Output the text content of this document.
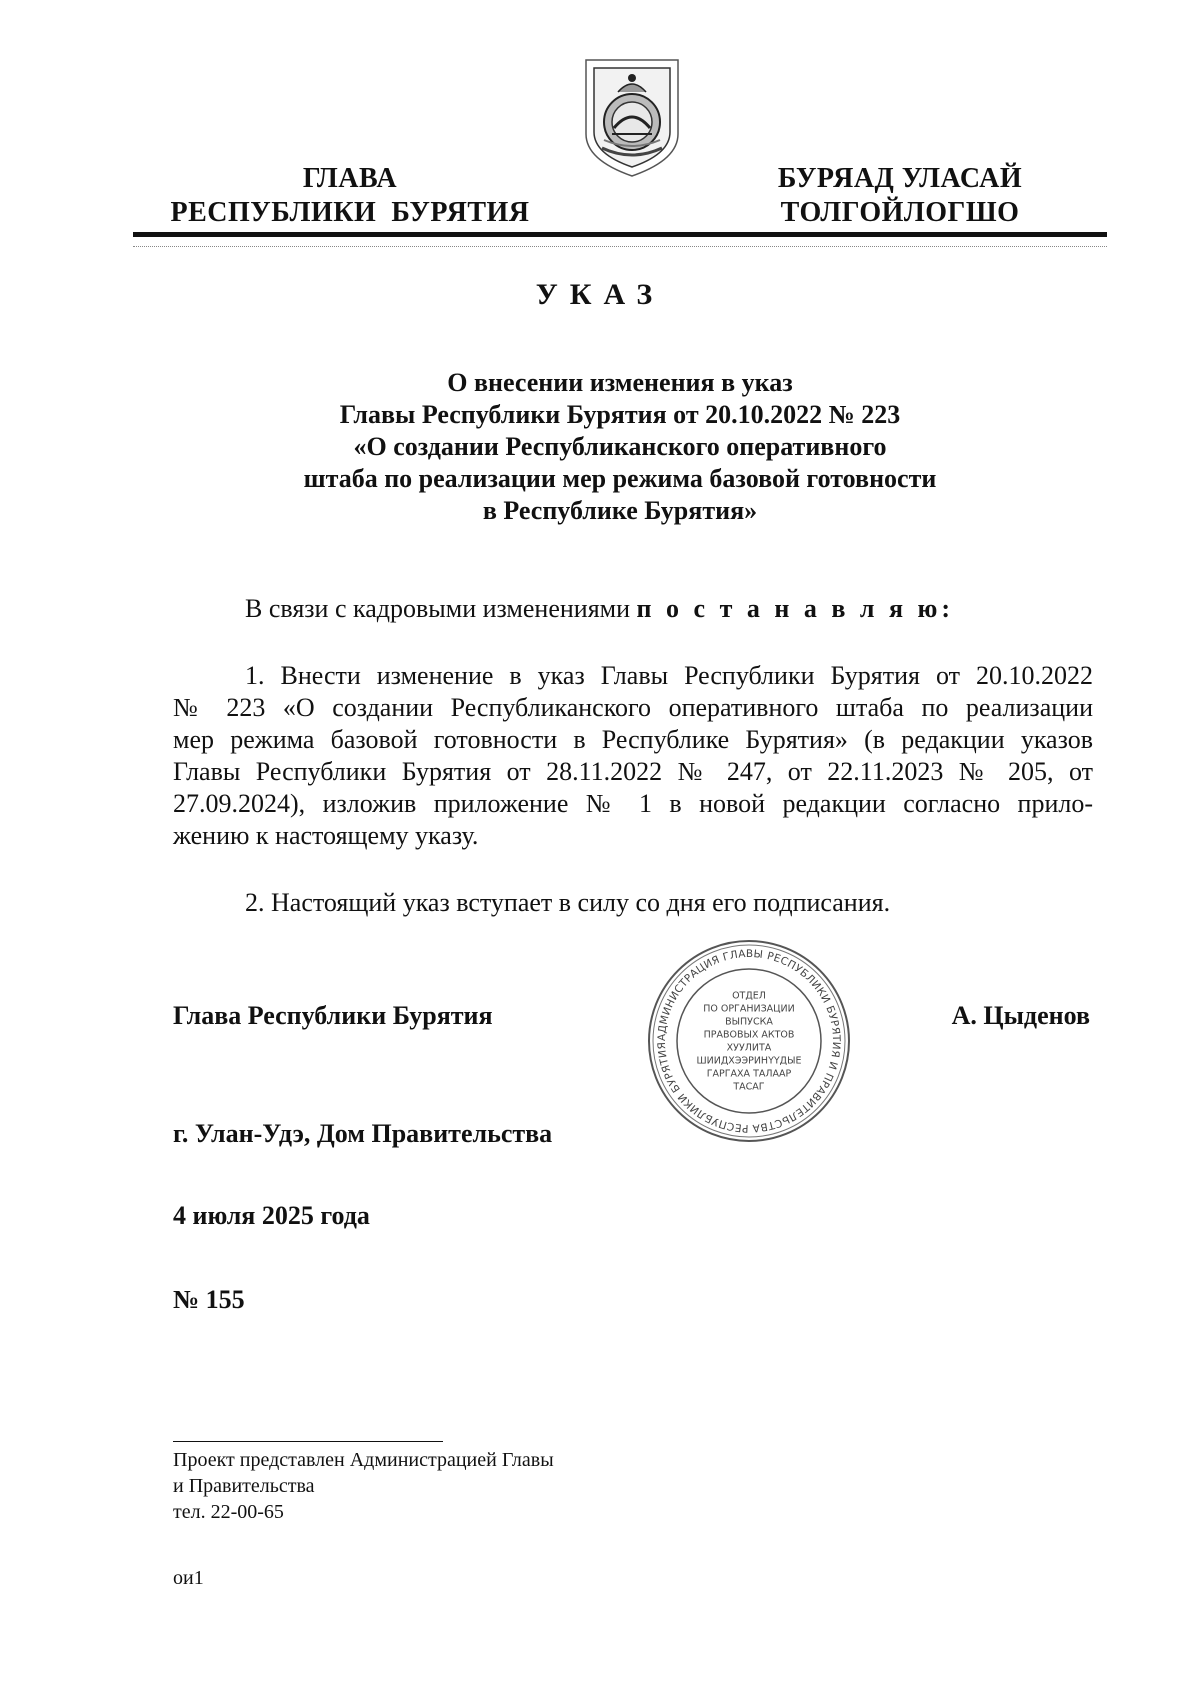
ГЛАВА
РЕСПУБЛИКИ  БУРЯТИЯ
БУРЯАД УЛАСАЙ
ТОЛГОЙЛОГШО
УКАЗ
О внесении изменения в указ
Главы Республики Бурятия от 20.10.2022 № 223
«О создании Республиканского оперативного
штаба по реализации мер режима базовой готовности
в Республике Бурятия»
В связи с кадровыми изменениями п о с т а н а в л я ю:
1. Внести изменение в указ Главы Республики Бурятия от 20.10.2022
№ 223 «О создании Республиканского оперативного штаба по реализации
мер режима базовой готовности в Республике Бурятия» (в редакции указов
Главы Республики Бурятия от 28.11.2022 № 247, от 22.11.2023 № 205, от
27.09.2024), изложив приложение № 1 в новой редакции согласно прило-
жению к настоящему указу.
2. Настоящий указ вступает в силу со дня его подписания.
Глава Республики Бурятия	А. Цыденов
АДМИНИСТРАЦИЯ ГЛАВЫ РЕСПУБЛИКИ БУРЯТИЯ И ПРАВИТЕЛЬСТВА РЕСПУБЛИКИ БУРЯТИЯ
ОТДЕЛ
ПО ОРГАНИЗАЦИИ
ВЫПУСКА
ПРАВОВЫХ АКТОВ
ХУУЛИТА
ШИИДХЭЭРИНҮҮДЫЕ
ГАРГАХА ТАЛААР
ТАСАГ
г. Улан-Удэ, Дом Правительства
4 июля 2025 года
№ 155
Проект представлен Администрацией Главы
и Правительства
тел. 22-00-65
ои1
